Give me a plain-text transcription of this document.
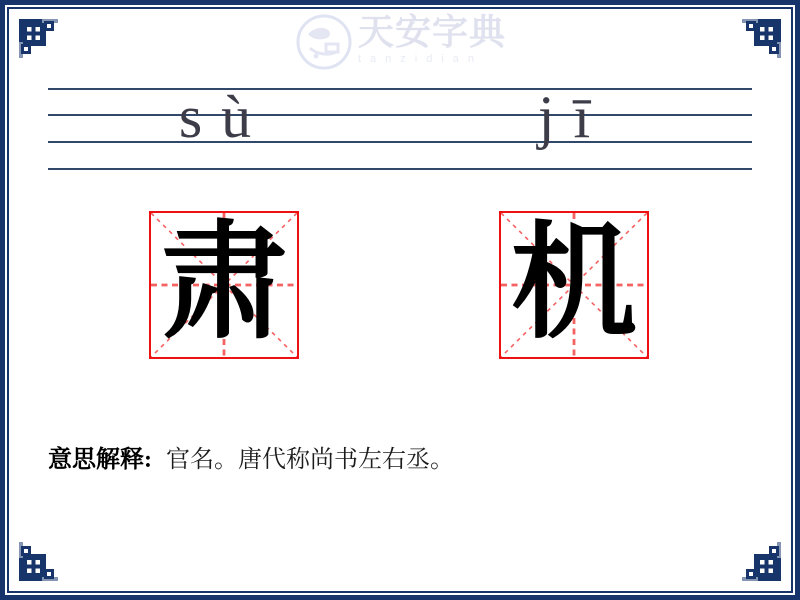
天安字典
tanzidian
s ù	j ī
肃 机

意思解释: 官名。唐代称尚书左右丞。
